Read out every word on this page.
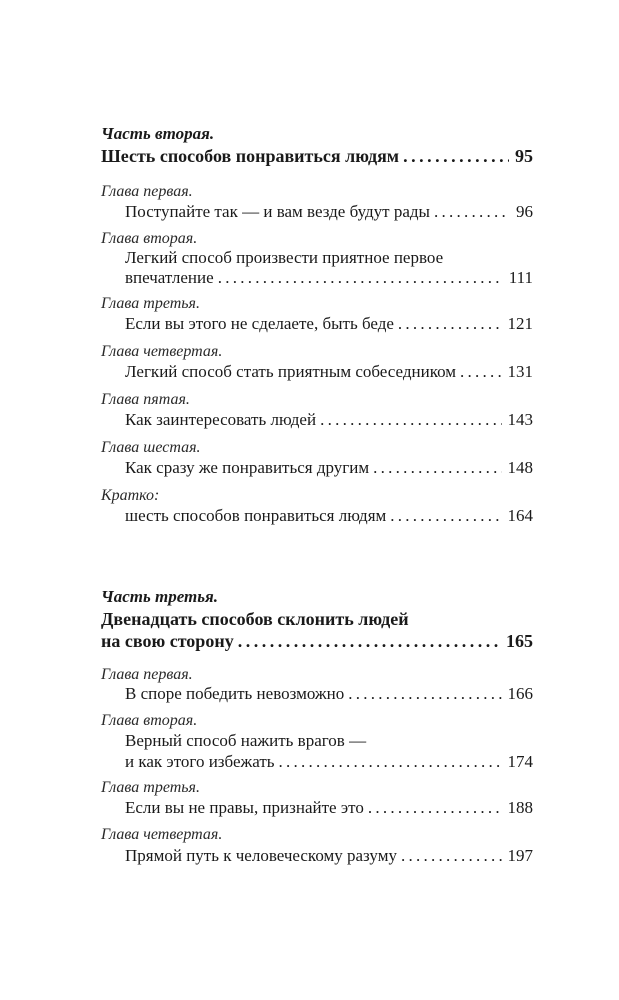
Часть вторая.
Шесть способов понравиться людям . . .	95
Глава первая.
Поступайте так — и вам везде будут рады . . .	96
Глава вторая.
Легкий способ произвести приятное первое
впечатление . . .	111
Глава третья.
Если вы этого не сделаете, быть беде . . .	121
Глава четвертая.
Легкий способ стать приятным собеседником . . .	131
Глава пятая.
Как заинтересовать людей . . .	143
Глава шестая.
Как сразу же понравиться другим . . .	148
Кратко:
шесть способов понравиться людям . . .	164
Часть третья.
Двенадцать способов склонить людей
на свою сторону . . .	165
Глава первая.
В споре победить невозможно . . .	166
Глава вторая.
Верный способ нажить врагов —
и как этого избежать . . .	174
Глава третья.
Если вы не правы, признайте это . . .	188
Глава четвертая.
Прямой путь к человеческому разуму . . .	197
